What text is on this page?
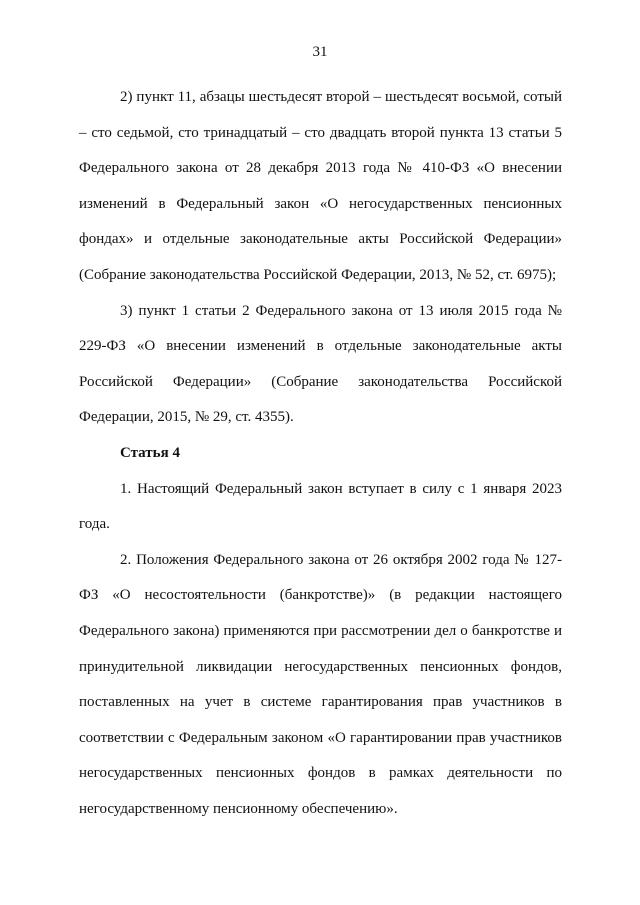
31

2) пункт 11, абзацы шестьдесят второй – шестьдесят восьмой, сотый – сто седьмой, сто тринадцатый – сто двадцать второй пункта 13 статьи 5 Федерального закона от 28 декабря 2013 года № 410-ФЗ «О внесении изменений в Федеральный закон «О негосударственных пенсионных фондах» и отдельные законодательные акты Российской Федерации» (Собрание законодательства Российской Федерации, 2013, № 52, ст. 6975);

3) пункт 1 статьи 2 Федерального закона от 13 июля 2015 года № 229-ФЗ «О внесении изменений в отдельные законодательные акты Российской Федерации» (Собрание законодательства Российской Федерации, 2015, № 29, ст. 4355).

Статья 4

1. Настоящий Федеральный закон вступает в силу с 1 января 2023 года.

2. Положения Федерального закона от 26 октября 2002 года № 127-ФЗ «О несостоятельности (банкротстве)» (в редакции настоящего Федерального закона) применяются при рассмотрении дел о банкротстве и принудительной ликвидации негосударственных пенсионных фондов, поставленных на учет в системе гарантирования прав участников в соответствии с Федеральным законом «О гарантировании прав участников негосударственных пенсионных фондов в рамках деятельности по негосударственному пенсионному обеспечению».
